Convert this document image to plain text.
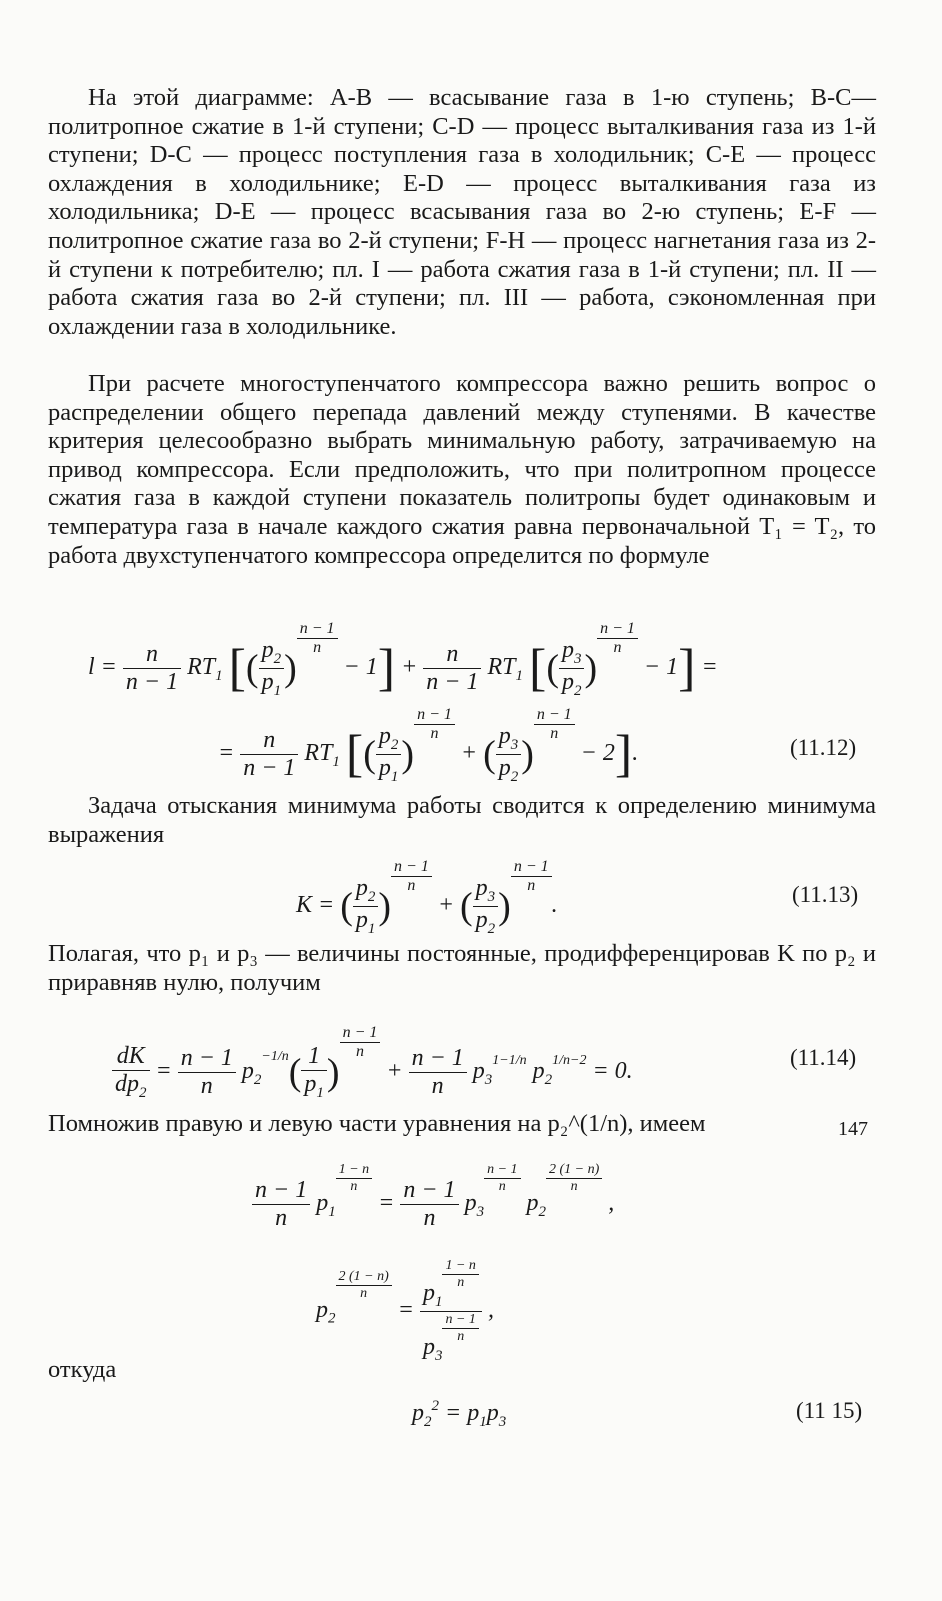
На этой диаграмме: A-B — всасывание газа в 1-ю ступень; B-C— политропное сжатие в 1-й ступени; C-D — процесс выталкивания газа из 1-й ступени; D-C — процесс поступления газа в холодильник; C-E — процесс охлаждения в холодильнике; E-D — процесс выталкивания газа из холодильника; D-E — процесс всасывания газа во 2-ю ступень; E-F — политропное сжатие газа во 2-й ступени; F-H — процесс нагнетания газа из 2-й ступени к потребителю; пл. I — работа сжатия газа в 1-й ступени; пл. II — работа сжатия газа во 2-й ступени; пл. III — работа, сэкономленная при охлаждении газа в холодильнике.

При расчете многоступенчатого компрессора важно решить вопрос о распределении общего перепада давлений между ступенями. В качестве критерия целесообразно выбрать минимальную работу, затрачиваемую на привод компрессора. Если предположить, что при политропном процессе сжатия газа в каждой ступени показатель политропы будет одинаковым и температура газа в начале каждого сжатия равна первоначальной T₁ = T₂, то работа двухступенчатого компрессора определится по формуле

$l = \frac{n}{n - 1} RT_1$ [( $\frac{p_2}{p_1}$ )
$^{\frac{n - 1}{n}}$
− $1] + \frac{n}{n - 1} RT_1$ [( $\frac{p_3}{p_2}$ )
$^{\frac{n - 1}{n}}$
− 1] =
= $\frac{n}{n - 1} RT_1$ [( $\frac{p_2}{p_1}$ )
$^{\frac{n - 1}{n}}$
+ ( $\frac{p_3}{p_2}$ )
$^{\frac{n - 1}{n}}$
− 2].	(11.12)

Задача отыскания минимума работы сводится к определению минимума выражения

K = ( $\frac{p_2}{p_1}$ )
$^{\frac{n - 1}{n}}$
+ ( $\frac{p_3}{p_2}$ )
$^{\frac{n - 1}{n}}$
.	(11.13)

Полагая, что p₁ и p₃ — величины постоянные, продифференцировав K по p₂ и приравняв нулю, получим

$\frac{dK}{dp_2} = \frac{n - 1}{n} p_2^{-1/n}( \frac{1}{p_1}$ )
$^{\frac{n - 1}{n}}$
+ $\frac{n - 1}{n} p_3^{1-1/n}$ $p_2^{1/n-2} = 0$.
(11.14)

Помножив правую и левую части уравнения на p₂^(1/n), имеем

$\frac{n - 1}{n} p_1$
$^{\frac{1 - n}{n}}$
= $\frac{n - 1}{n} p_3$
$^{\frac{n - 1}{n}}$
$p_2$
$^{\frac{2 (1 - n)}{n}}$
,
$p_2$
$^{\frac{2 (1 - n)}{n}}$
= $p_1$
$^{\frac{1 - n}{n}}$
$p_3$
$^{\frac{n - 1}{n}}$ ,

откуда

$p_2^2 = p_1p_3$	(11 15)
147
